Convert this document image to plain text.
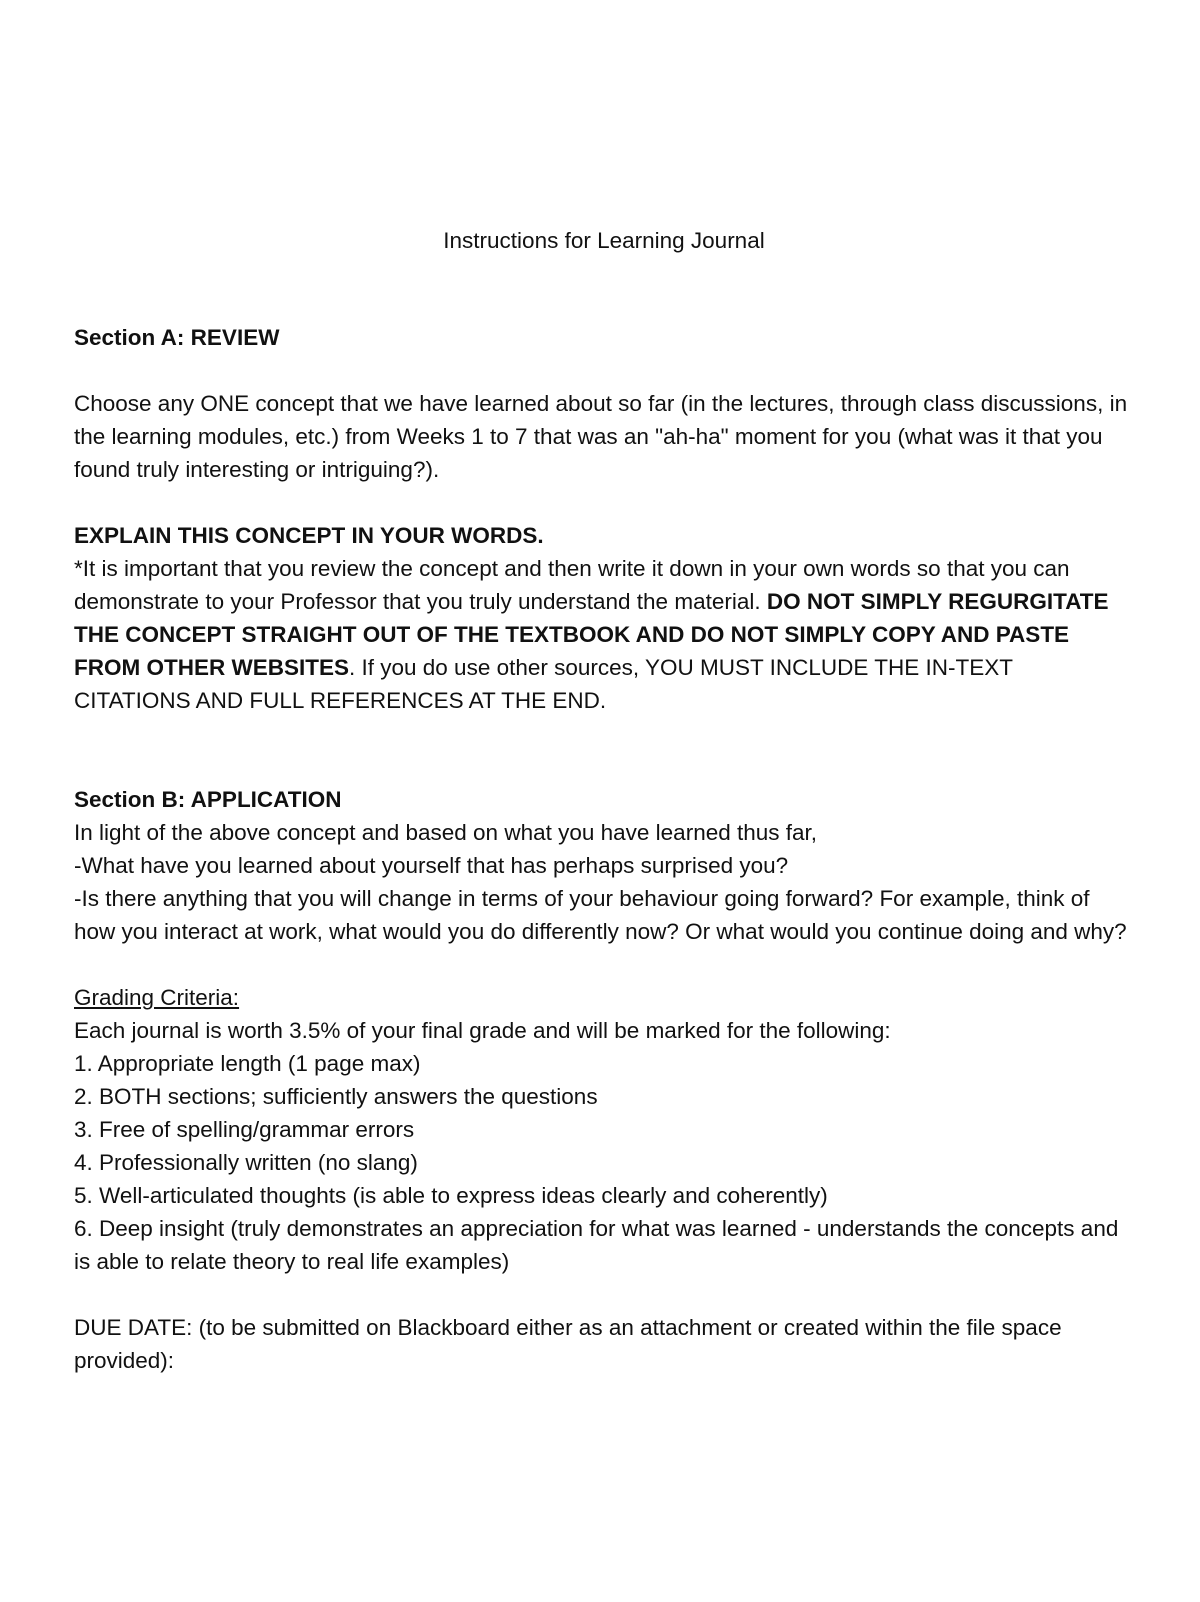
Instructions for Learning Journal

Section A: REVIEW

Choose any ONE concept that we have learned about so far (in the lectures, through class discussions, in the learning modules, etc.) from Weeks 1 to 7 that was an "ah-ha" moment for you (what was it that you found truly interesting or intriguing?).

EXPLAIN THIS CONCEPT IN YOUR WORDS.

*It is important that you review the concept and then write it down in your own words so that you can demonstrate to your Professor that you truly understand the material. DO NOT SIMPLY REGURGITATE THE CONCEPT STRAIGHT OUT OF THE TEXTBOOK AND DO NOT SIMPLY COPY AND PASTE FROM OTHER WEBSITES. If you do use other sources, YOU MUST INCLUDE THE IN-TEXT CITATIONS AND FULL REFERENCES AT THE END.

Section B: APPLICATION

In light of the above concept and based on what you have learned thus far,

-What have you learned about yourself that has perhaps surprised you?

-Is there anything that you will change in terms of your behaviour going forward? For example, think of how you interact at work, what would you do differently now? Or what would you continue doing and why?

Grading Criteria:

Each journal is worth 3.5% of your final grade and will be marked for the following:

1. Appropriate length (1 page max)
2. BOTH sections; sufficiently answers the questions
3. Free of spelling/grammar errors
4. Professionally written (no slang)
5. Well-articulated thoughts (is able to express ideas clearly and coherently)
6. Deep insight (truly demonstrates an appreciation for what was learned - understands the concepts and is able to relate theory to real life examples)

DUE DATE: (to be submitted on Blackboard either as an attachment or created within the file space provided):
